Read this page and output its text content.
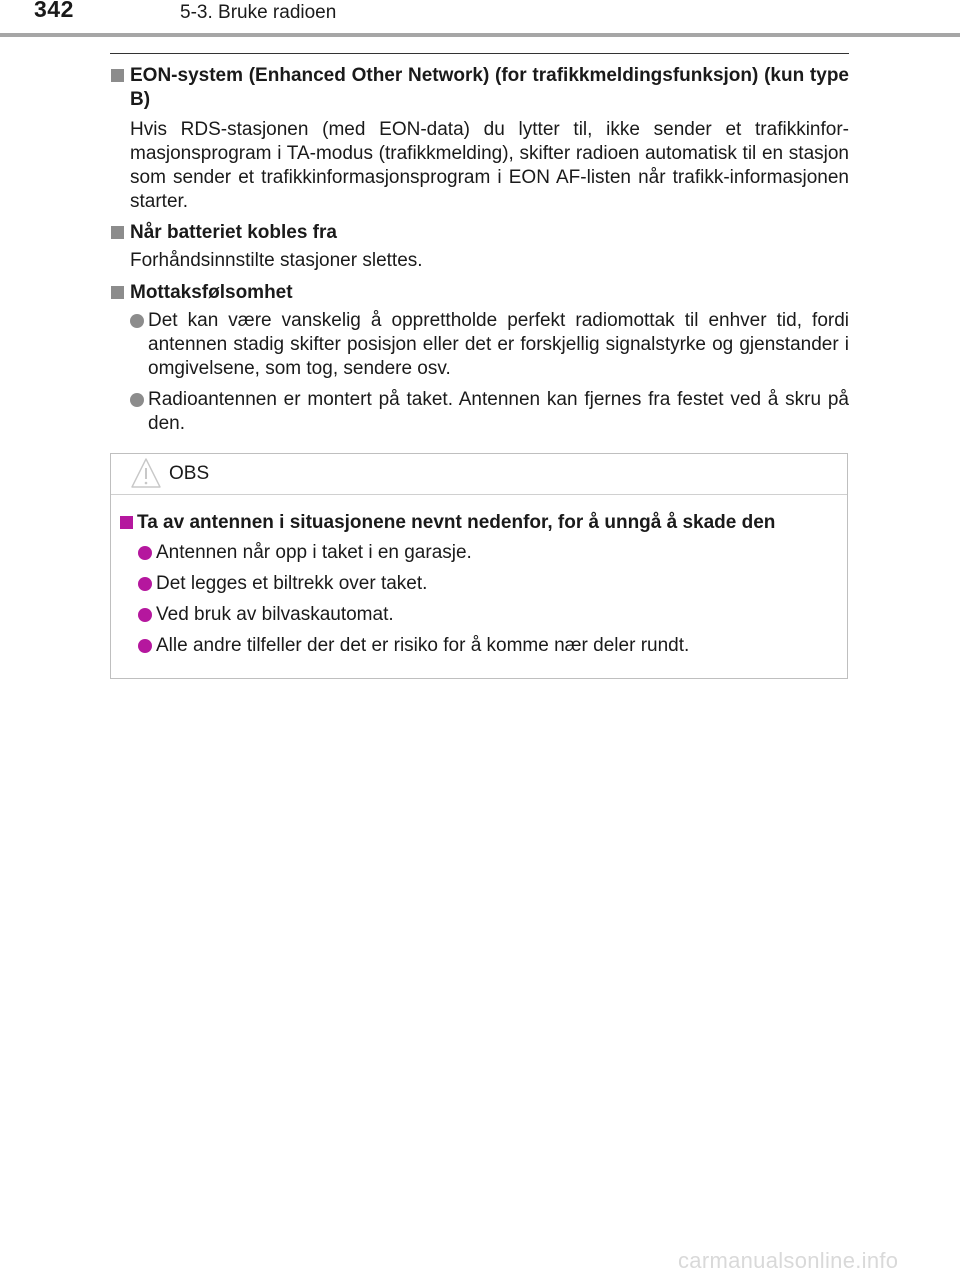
342	5-3. Bruke radioen
EON-system (Enhanced Other Network) (for trafikkmeldingsfunksjon) (kun type B)
Hvis RDS-stasjonen (med EON-data) du lytter til, ikke sender et trafikkinfor-masjonsprogram i TA-modus (trafikkmelding), skifter radioen automatisk til en stasjon som sender et trafikkinformasjonsprogram i EON AF-listen når trafikk-informasjonen starter.
Når batteriet kobles fra
Forhåndsinnstilte stasjoner slettes.
Mottaksfølsomhet
Det kan være vanskelig å opprettholde perfekt radiomottak til enhver tid, fordi antennen stadig skifter posisjon eller det er forskjellig signalstyrke og gjenstander i omgivelsene, som tog, sendere osv.
Radioantennen er montert på taket. Antennen kan fjernes fra festet ved å skru på den.
OBS
Ta av antennen i situasjonene nevnt nedenfor, for å unngå å skade den
Antennen når opp i taket i en garasje.
Det legges et biltrekk over taket.
Ved bruk av bilvaskautomat.
Alle andre tilfeller der det er risiko for å komme nær deler rundt.
carmanualsonline.info
